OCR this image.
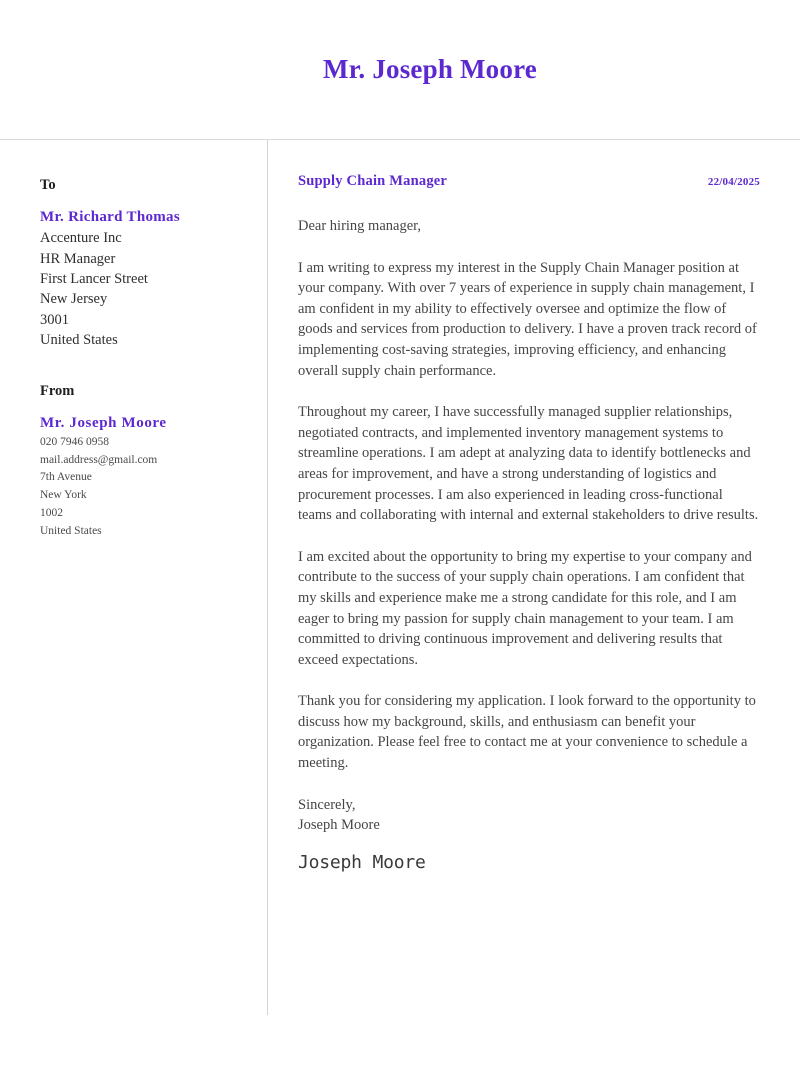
Mr. Joseph Moore
To
Mr. Richard Thomas
Accenture Inc
HR Manager
First Lancer Street
New Jersey
3001
United States
From
Mr. Joseph Moore
020 7946 0958
mail.address@gmail.com
7th Avenue
New York
1002
United States
Supply Chain Manager	22/04/2025
Dear hiring manager,

I am writing to express my interest in the Supply Chain Manager position at your company. With over 7 years of experience in supply chain management, I am confident in my ability to effectively oversee and optimize the flow of goods and services from production to delivery. I have a proven track record of implementing cost-saving strategies, improving efficiency, and enhancing overall supply chain performance.

Throughout my career, I have successfully managed supplier relationships, negotiated contracts, and implemented inventory management systems to streamline operations. I am adept at analyzing data to identify bottlenecks and areas for improvement, and have a strong understanding of logistics and procurement processes. I am also experienced in leading cross-functional teams and collaborating with internal and external stakeholders to drive results.

I am excited about the opportunity to bring my expertise to your company and contribute to the success of your supply chain operations. I am confident that my skills and experience make me a strong candidate for this role, and I am eager to bring my passion for supply chain management to your team. I am committed to driving continuous improvement and delivering results that exceed expectations.

Thank you for considering my application. I look forward to the opportunity to discuss how my background, skills, and enthusiasm can benefit your organization. Please feel free to contact me at your convenience to schedule a meeting.

Sincerely,
Joseph Moore
Joseph Moore
